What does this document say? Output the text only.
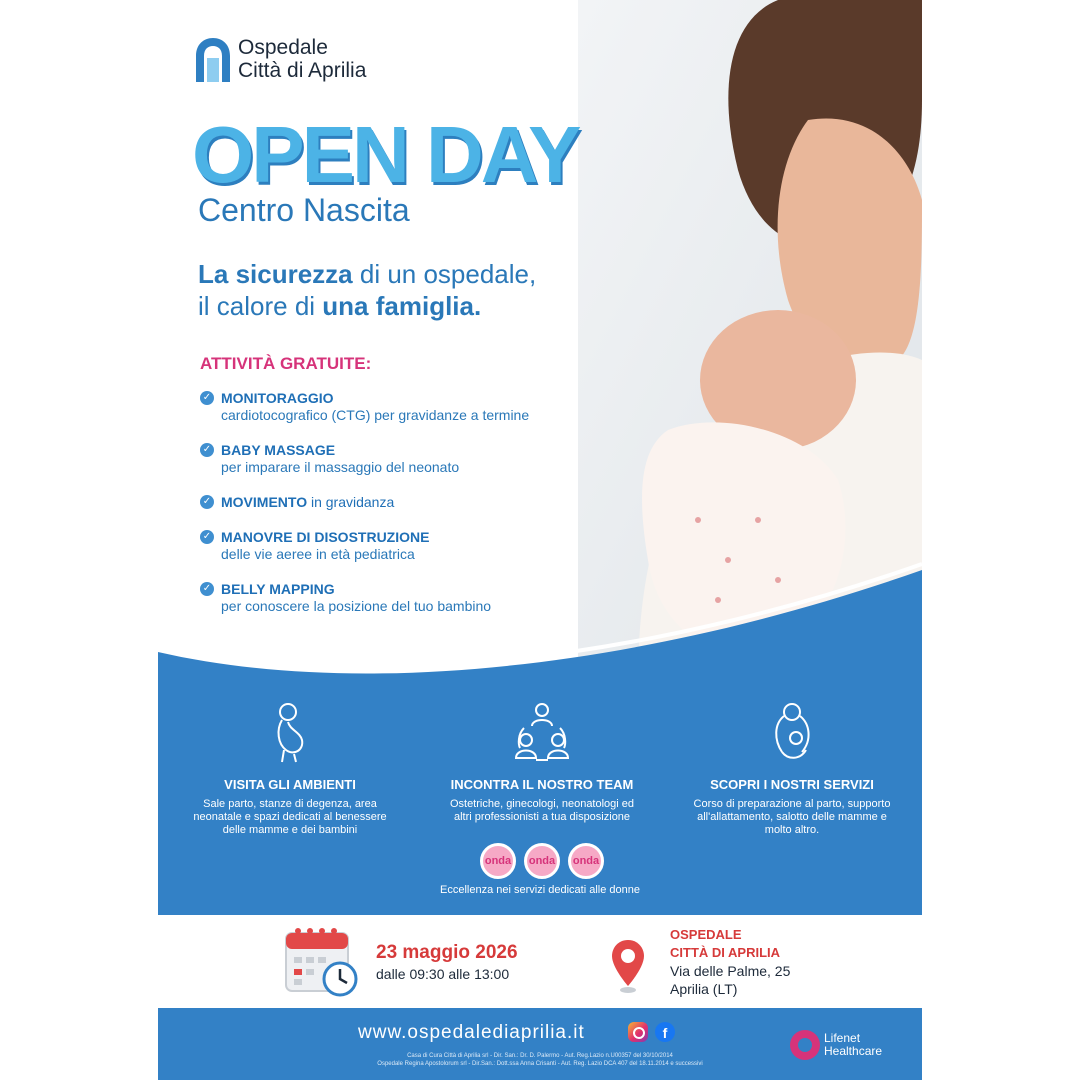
Ospedale
Città di Aprilia
OPEN DAY
Centro Nascita
La sicurezza di un ospedale,
il calore di una famiglia.
ATTIVITÀ GRATUITE:
✓ MONITORAGGIO
cardiotocografico (CTG) per gravidanze a termine
✓ BABY MASSAGE
per imparare il massaggio del neonato
✓ MOVIMENTO in gravidanza
✓ MANOVRE DI DISOSTRUZIONE
delle vie aeree in età pediatrica
✓ BELLY MAPPING
per conoscere la posizione del tuo bambino
VISITA GLI AMBIENTI
Sale parto, stanze di degenza, area neonatale e spazi dedicati al benessere delle mamme e dei bambini
INCONTRA IL NOSTRO TEAM
Ostetriche, ginecologi, neonatologi ed altri professionisti a tua disposizione
SCOPRI I NOSTRI SERVIZI
Corso di preparazione al parto, supporto all'allattamento, salotto delle mamme e molto altro.
onda onda onda
Eccellenza nei servizi dedicati alle donne
23 maggio 2026
dalle 09:30 alle 13:00
OSPEDALE
CITTÀ DI APRILIA
Via delle Palme, 25
Aprilia (LT)
www.ospedalediaprilia.it	f
Casa di Cura Città di Aprilia srl - Dir. San.: Dr. D. Palermo - Aut. Reg.Lazio n.U00357 del 30/10/2014
Ospedale Regina Apostolorum srl - Dir.San.: Dott.ssa Anna Crisanti - Aut. Reg. Lazio DCA 407 del 18.11.2014 e successivi
Lifenet
Healthcare
